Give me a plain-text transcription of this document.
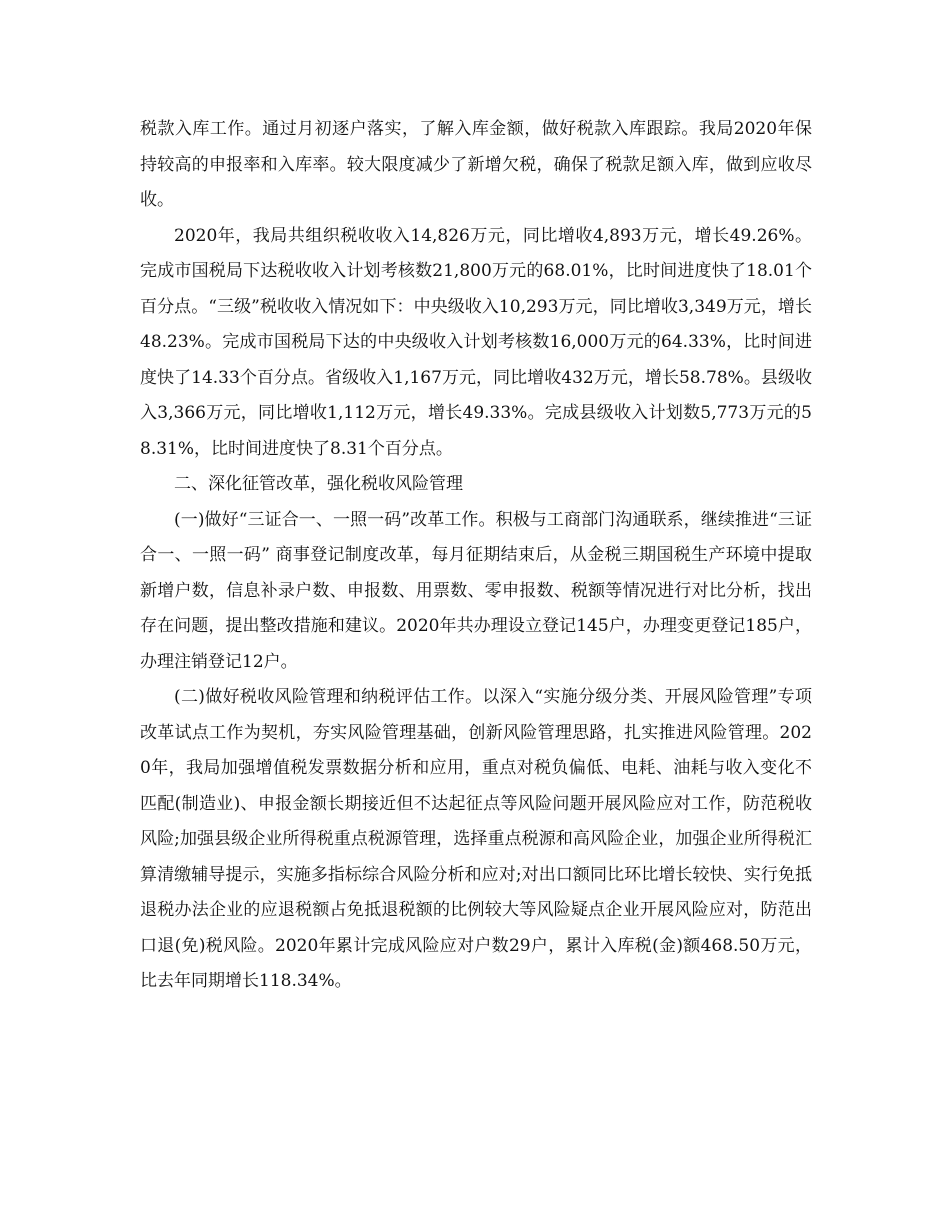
税款入库工作。通过月初逐户落实，了解入库金额，做好税款入库跟踪。我局2020年保持较高的申报率和入库率。较大限度减少了新增欠税，确保了税款足额入库，做到应收尽收。

2020年，我局共组织税收收入14,826万元，同比增收4,893万元，增长49.26%。完成市国税局下达税收收入计划考核数21,800万元的68.01%，比时间进度快了18.01个百分点。“三级”税收收入情况如下：中央级收入10,293万元，同比增收3,349万元，增长48.23%。完成市国税局下达的中央级收入计划考核数16,000万元的64.33%，比时间进度快了14.33个百分点。省级收入1,167万元，同比增收432万元，增长58.78%。县级收入3,366万元，同比增收1,112万元，增长49.33%。完成县级收入计划数5,773万元的58.31%，比时间进度快了8.31个百分点。

二、深化征管改革，强化税收风险管理

(一)做好“三证合一、一照一码”改革工作。积极与工商部门沟通联系，继续推进“三证合一、一照一码” 商事登记制度改革，每月征期结束后，从金税三期国税生产环境中提取新增户数，信息补录户数、申报数、用票数、零申报数、税额等情况进行对比分析，找出存在问题，提出整改措施和建议。2020年共办理设立登记145户，办理变更登记185户，办理注销登记12户。

(二)做好税收风险管理和纳税评估工作。以深入“实施分级分类、开展风险管理”专项改革试点工作为契机，夯实风险管理基础，创新风险管理思路，扎实推进风险管理。2020年，我局加强增值税发票数据分析和应用，重点对税负偏低、电耗、油耗与收入变化不匹配(制造业)、申报金额长期接近但不达起征点等风险问题开展风险应对工作，防范税收风险;加强县级企业所得税重点税源管理，选择重点税源和高风险企业，加强企业所得税汇算清缴辅导提示，实施多指标综合风险分析和应对;对出口额同比环比增长较快、实行免抵退税办法企业的应退税额占免抵退税额的比例较大等风险疑点企业开展风险应对，防范出口退(免)税风险。2020年累计完成风险应对户数29户，累计入库税(金)额468.50万元，比去年同期增长118.34%。
